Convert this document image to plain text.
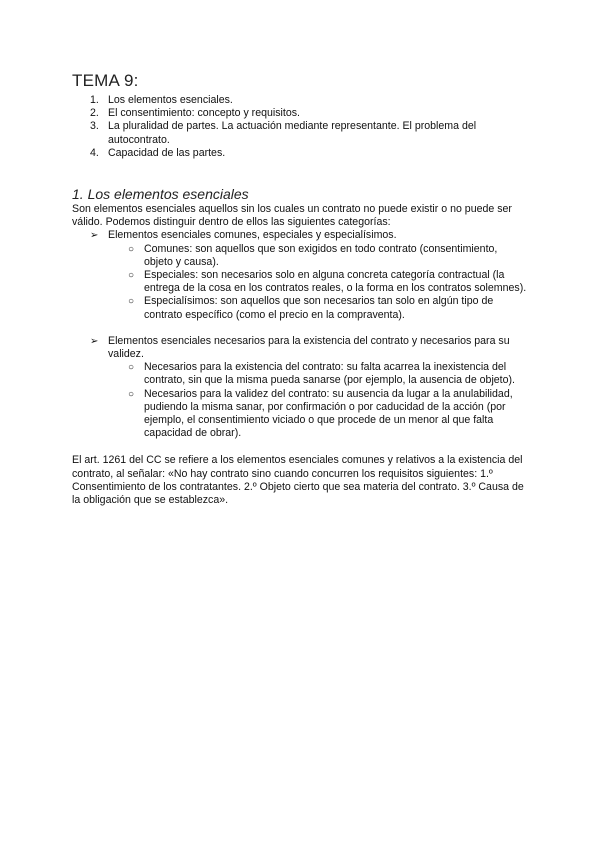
TEMA 9:
1. Los elementos esenciales.
2. El consentimiento: concepto y requisitos.
3. La pluralidad de partes. La actuación mediante representante. El problema del autocontrato.
4. Capacidad de las partes.
1. Los elementos esenciales

Son elementos esenciales aquellos sin los cuales un contrato no puede existir o no puede ser válido. Podemos distinguir dentro de ellos las siguientes categorías:

➢ Elementos esenciales comunes, especiales y especialísimos.
○ Comunes: son aquellos que son exigidos en todo contrato (consentimiento, objeto y causa).
○ Especiales: son necesarios solo en alguna concreta categoría contractual (la entrega de la cosa en los contratos reales, o la forma en los contratos solemnes).
○ Especialísimos: son aquellos que son necesarios tan solo en algún tipo de contrato específico (como el precio en la compraventa).
➢ Elementos esenciales necesarios para la existencia del contrato y necesarios para su validez.
○ Necesarios para la existencia del contrato: su falta acarrea la inexistencia del contrato, sin que la misma pueda sanarse (por ejemplo, la ausencia de objeto).
○ Necesarios para la validez del contrato: su ausencia da lugar a la anulabilidad, pudiendo la misma sanar, por confirmación o por caducidad de la acción (por ejemplo, el consentimiento viciado o que procede de un menor al que falta capacidad de obrar).

El art. 1261 del CC se refiere a los elementos esenciales comunes y relativos a la existencia del contrato, al señalar: «No hay contrato sino cuando concurren los requisitos siguientes: 1.º Consentimiento de los contratantes. 2.º Objeto cierto que sea materia del contrato. 3.º Causa de la obligación que se establezca».
